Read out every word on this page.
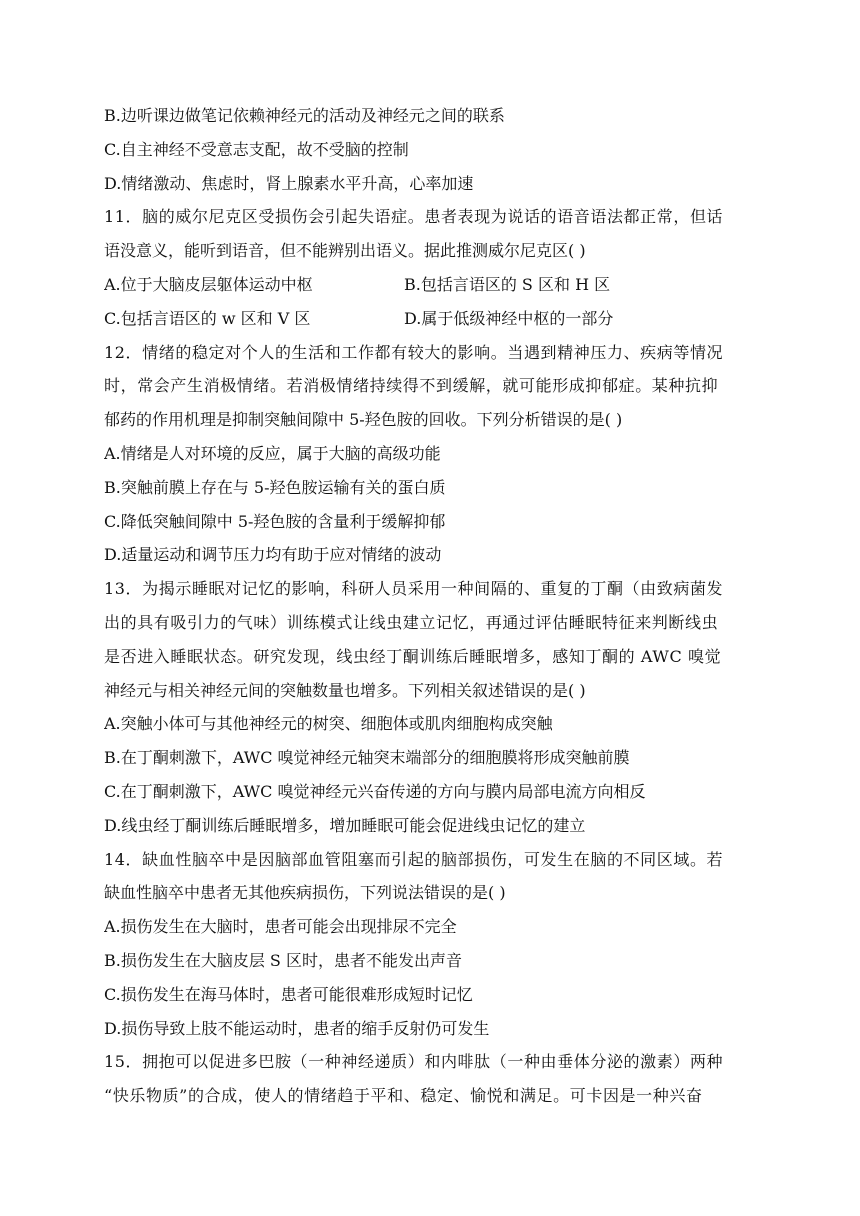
B.边听课边做笔记依赖神经元的活动及神经元之间的联系
C.自主神经不受意志支配，故不受脑的控制
D.情绪激动、焦虑时，肾上腺素水平升高，心率加速
11．脑的威尔尼克区受损伤会引起失语症。患者表现为说话的语音语法都正常，但话
语没意义，能听到语音，但不能辨别出语义。据此推测威尔尼克区( )
A.位于大脑皮层躯体运动中枢	B.包括言语区的 S 区和 H 区
C.包括言语区的 w 区和 V 区	D.属于低级神经中枢的一部分
12．情绪的稳定对个人的生活和工作都有较大的影响。当遇到精神压力、疾病等情况
时，常会产生消极情绪。若消极情绪持续得不到缓解，就可能形成抑郁症。某种抗抑
郁药的作用机理是抑制突触间隙中 5-羟色胺的回收。下列分析错误的是( )
A.情绪是人对环境的反应，属于大脑的高级功能
B.突触前膜上存在与 5-羟色胺运输有关的蛋白质
C.降低突触间隙中 5-羟色胺的含量利于缓解抑郁
D.适量运动和调节压力均有助于应对情绪的波动
13．为揭示睡眠对记忆的影响，科研人员采用一种间隔的、重复的丁酮（由致病菌发
出的具有吸引力的气味）训练模式让线虫建立记忆，再通过评估睡眠特征来判断线虫
是否进入睡眠状态。研究发现，线虫经丁酮训练后睡眠增多，感知丁酮的 AWC 嗅觉
神经元与相关神经元间的突触数量也增多。下列相关叙述错误的是( )
A.突触小体可与其他神经元的树突、细胞体或肌肉细胞构成突触
B.在丁酮刺激下，AWC 嗅觉神经元轴突末端部分的细胞膜将形成突触前膜
C.在丁酮刺激下，AWC 嗅觉神经元兴奋传递的方向与膜内局部电流方向相反
D.线虫经丁酮训练后睡眠增多，增加睡眠可能会促进线虫记忆的建立
14．缺血性脑卒中是因脑部血管阻塞而引起的脑部损伤，可发生在脑的不同区域。若
缺血性脑卒中患者无其他疾病损伤，下列说法错误的是( )
A.损伤发生在大脑时，患者可能会出现排尿不完全
B.损伤发生在大脑皮层 S 区时，患者不能发出声音
C.损伤发生在海马体时，患者可能很难形成短时记忆
D.损伤导致上肢不能运动时，患者的缩手反射仍可发生
15．拥抱可以促进多巴胺（一种神经递质）和内啡肽（一种由垂体分泌的激素）两种
“快乐物质”的合成，使人的情绪趋于平和、稳定、愉悦和满足。可卡因是一种兴奋
